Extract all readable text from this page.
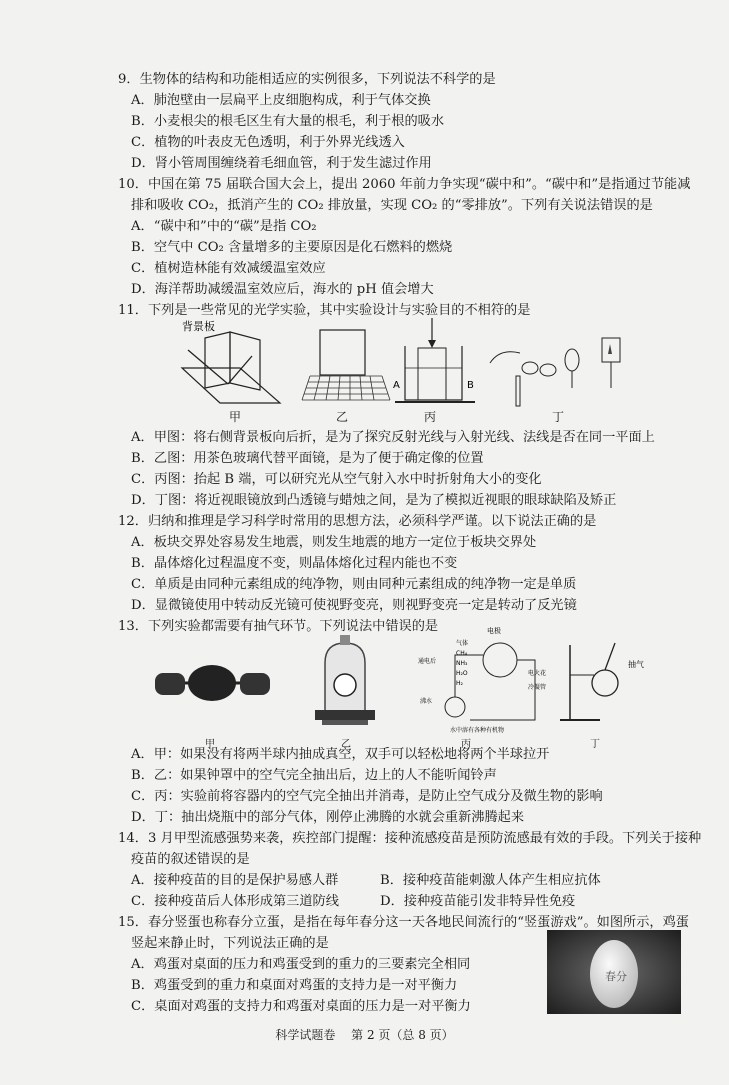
9．生物体的结构和功能相适应的实例很多，下列说法不科学的是
A．肺泡壁由一层扁平上皮细胞构成，利于气体交换
B．小麦根尖的根毛区生有大量的根毛，利于根的吸水
C．植物的叶表皮无色透明，利于外界光线透入
D．肾小管周围缠绕着毛细血管，利于发生滤过作用
10．中国在第 75 届联合国大会上，提出 2060 年前力争实现“碳中和”。“碳中和”是指通过节能减
排和吸收 CO₂，抵消产生的 CO₂ 排放量，实现 CO₂ 的“零排放”。下列有关说法错误的是
A．“碳中和”中的“碳”是指 CO₂
B．空气中 CO₂ 含量增多的主要原因是化石燃料的燃烧
C．植树造林能有效减缓温室效应
D．海洋帮助减缓温室效应后，海水的 pH 值会增大
11．下列是一些常见的光学实验，其中实验设计与实验目的不相符的是
背景板
A	B
甲	乙	丙	丁
A．甲图：将右侧背景板向后折，是为了探究反射光线与入射光线、法线是否在同一平面上
B．乙图：用茶色玻璃代替平面镜，是为了便于确定像的位置
C．丙图：抬起 B 端，可以研究光从空气射入水中时折射角大小的变化
D．丁图：将近视眼镜放到凸透镜与蜡烛之间，是为了模拟近视眼的眼球缺陷及矫正
12．归纳和推理是学习科学时常用的思想方法，必须科学严谨。以下说法正确的是
A．板块交界处容易发生地震，则发生地震的地方一定位于板块交界处
B．晶体熔化过程温度不变，则晶体熔化过程内能也不变
C．单质是由同种元素组成的纯净物，则由同种元素组成的纯净物一定是单质
D．显微镜使用中转动反光镜可使视野变亮，则视野变亮一定是转动了反光镜
13．下列实验都需要有抽气环节。下列说法中错误的是	电极
气体
CH₄
NH₃
H₂O
H₂
通电后
冷凝管
电火花
沸水
水中溶有各种有机物
抽气
甲	乙	丙	丁
A．甲：如果没有将两半球内抽成真空，双手可以轻松地将两个半球拉开
B．乙：如果钟罩中的空气完全抽出后，边上的人不能听闻铃声
C．丙：实验前将容器内的空气完全抽出并消毒，是防止空气成分及微生物的影响
D．丁：抽出烧瓶中的部分气体，刚停止沸腾的水就会重新沸腾起来
14．3 月甲型流感强势来袭，疾控部门提醒：接种流感疫苗是预防流感最有效的手段。下列关于接种
疫苗的叙述错误的是
A．接种疫苗的目的是保护易感人群	B．接种疫苗能刺激人体产生相应抗体
C．接种疫苗后人体形成第三道防线	D．接种疫苗能引发非特异性免疫
15．春分竖蛋也称春分立蛋，是指在每年春分这一天各地民间流行的“竖蛋游戏”。如图所示，鸡蛋
竖起来静止时，下列说法正确的是
A．鸡蛋对桌面的压力和鸡蛋受到的重力的三要素完全相同
B．鸡蛋受到的重力和桌面对鸡蛋的支持力是一对平衡力
C．桌面对鸡蛋的支持力和鸡蛋对桌面的压力是一对平衡力
春分
科学试题卷 第 2 页（总 8 页）
